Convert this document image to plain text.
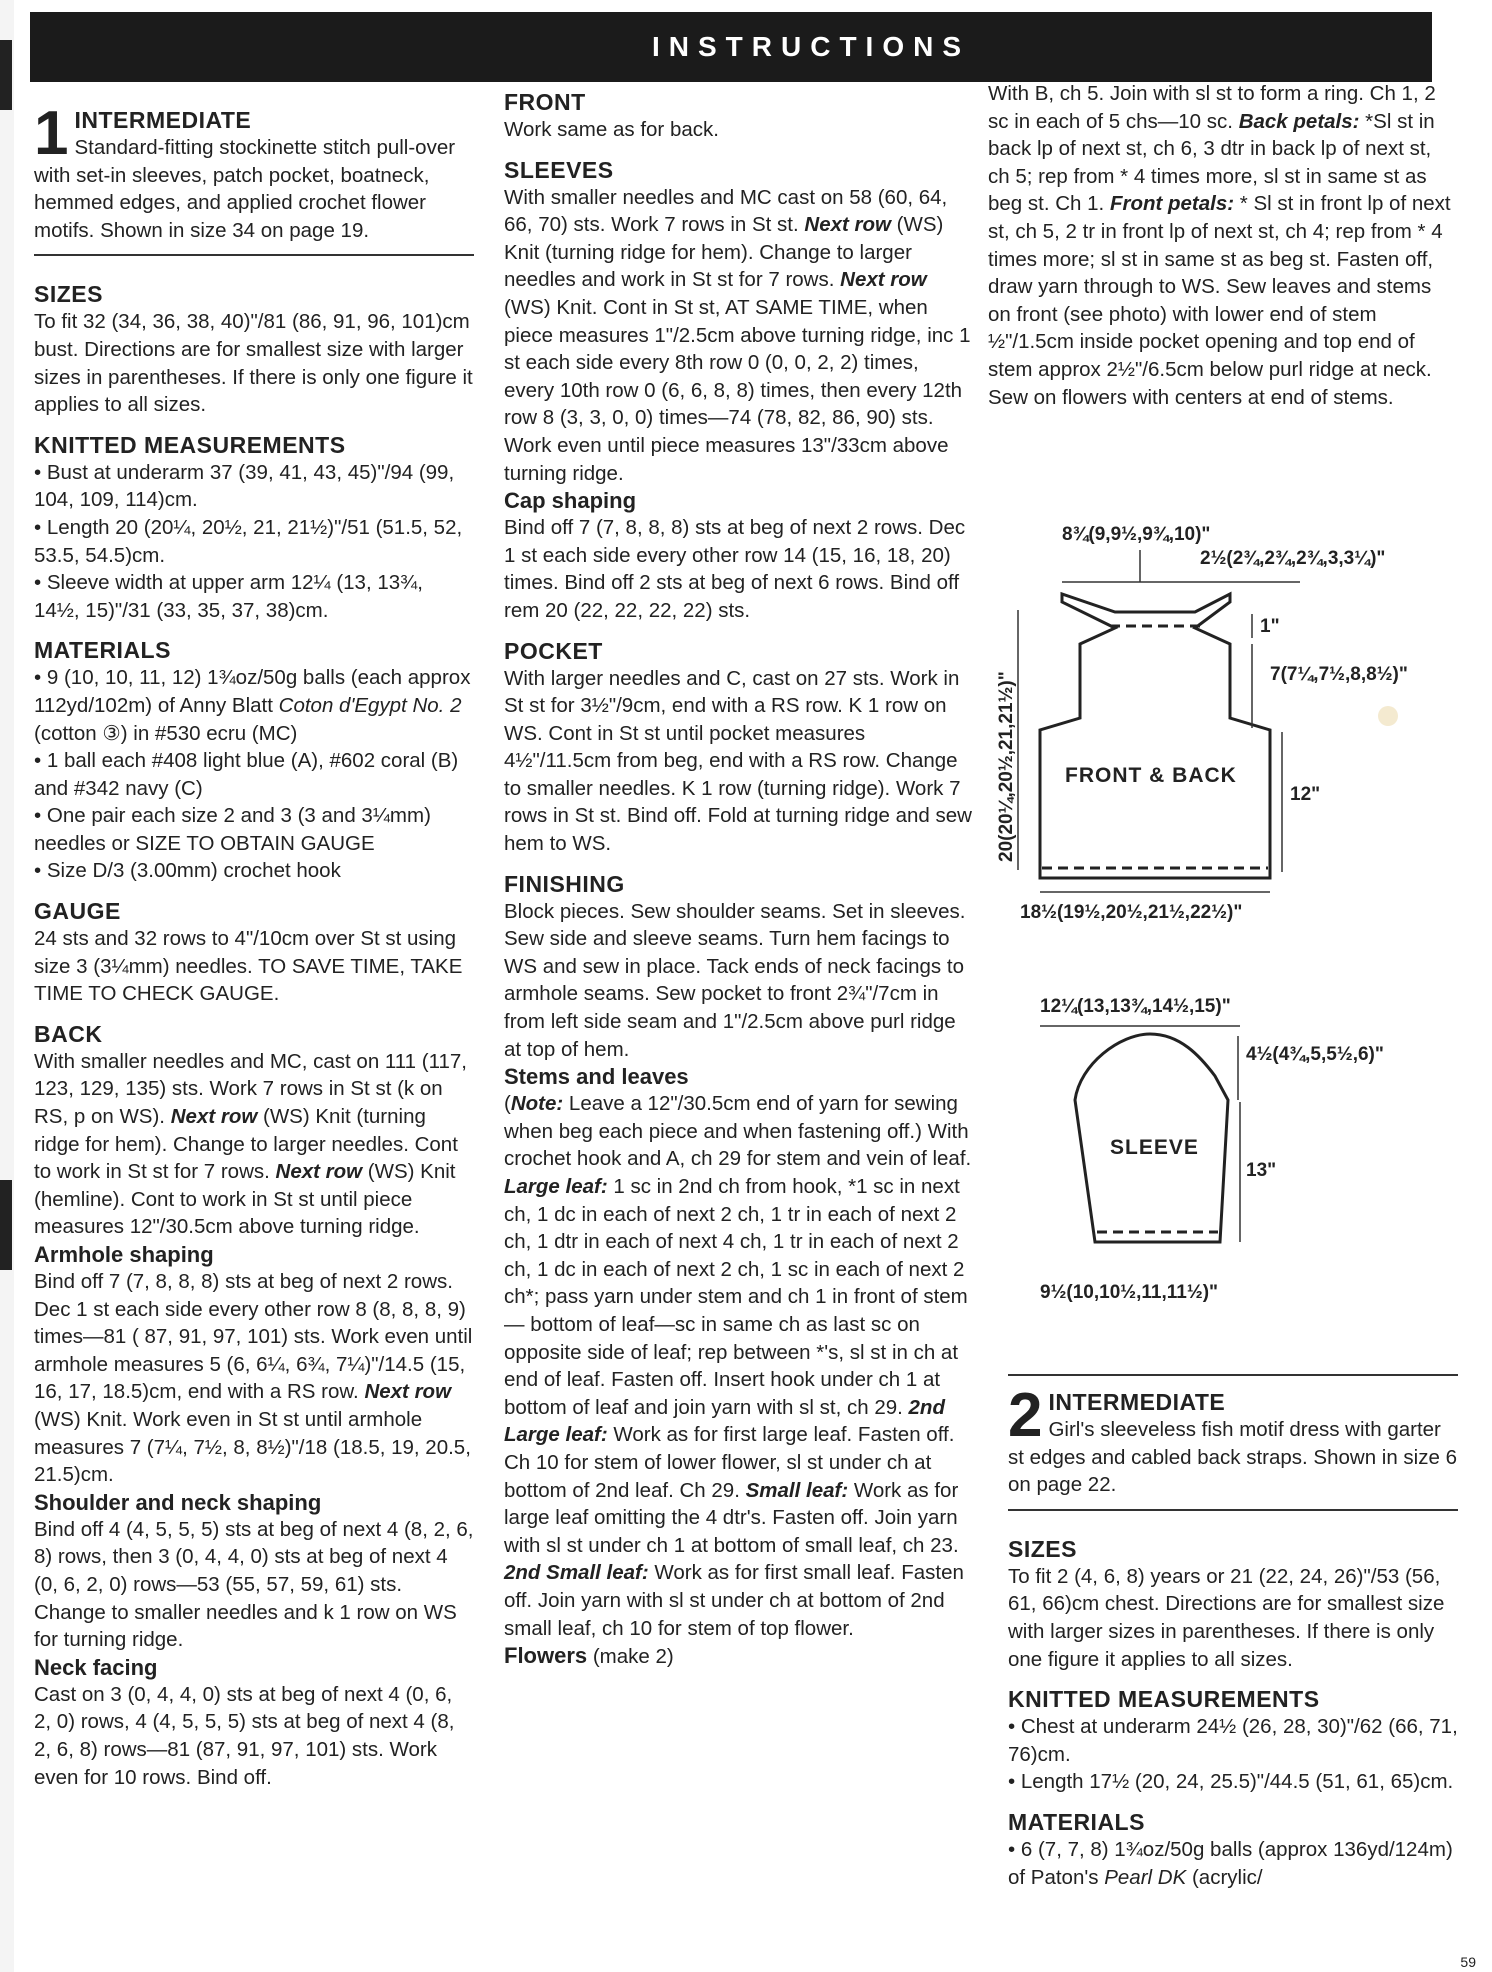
INSTRUCTIONS
1 INTERMEDIATE

Standard-fitting stockinette stitch pull-over with set-in sleeves, patch pocket, boatneck, hemmed edges, and applied crochet flower motifs. Shown in size 34 on page 19.

SIZES

To fit 32 (34, 36, 38, 40)"/81 (86, 91, 96, 101)cm bust. Directions are for smallest size with larger sizes in parentheses. If there is only one figure it applies to all sizes.

KNITTED MEASUREMENTS

• Bust at underarm 37 (39, 41, 43, 45)"/94 (99, 104, 109, 114)cm.

• Length 20 (20¼, 20½, 21, 21½)"/51 (51.5, 52, 53.5, 54.5)cm.

• Sleeve width at upper arm 12¼ (13, 13¾, 14½, 15)"/31 (33, 35, 37, 38)cm.

MATERIALS

• 9 (10, 10, 11, 12) 1¾oz/50g balls (each approx 112yd/102m) of Anny Blatt Coton d'Egypt No. 2 (cotton ③) in #530 ecru (MC)

• 1 ball each #408 light blue (A), #602 coral (B) and #342 navy (C)

• One pair each size 2 and 3 (3 and 3¼mm) needles or SIZE TO OBTAIN GAUGE

• Size D/3 (3.00mm) crochet hook

GAUGE

24 sts and 32 rows to 4"/10cm over St st using size 3 (3¼mm) needles. TO SAVE TIME, TAKE TIME TO CHECK GAUGE.

BACK

With smaller needles and MC, cast on 111 (117, 123, 129, 135) sts. Work 7 rows in St st (k on RS, p on WS). Next row (WS) Knit (turning ridge for hem). Change to larger needles. Cont to work in St st for 7 rows. Next row (WS) Knit (hemline). Cont to work in St st until piece measures 12"/30.5cm above turning ridge.

Armhole shaping

Bind off 7 (7, 8, 8, 8) sts at beg of next 2 rows. Dec 1 st each side every other row 8 (8, 8, 8, 9) times—81 ( 87, 91, 97, 101) sts. Work even until armhole measures 5 (6, 6¼, 6¾, 7¼)"/14.5 (15, 16, 17, 18.5)cm, end with a RS row. Next row (WS) Knit. Work even in St st until armhole measures 7 (7¼, 7½, 8, 8½)"/18 (18.5, 19, 20.5, 21.5)cm.

Shoulder and neck shaping

Bind off 4 (4, 5, 5, 5) sts at beg of next 4 (8, 2, 6, 8) rows, then 3 (0, 4, 4, 0) sts at beg of next 4 (0, 6, 2, 0) rows—53 (55, 57, 59, 61) sts. Change to smaller needles and k 1 row on WS for turning ridge.

Neck facing

Cast on 3 (0, 4, 4, 0) sts at beg of next 4 (0, 6, 2, 0) rows, 4 (4, 5, 5, 5) sts at beg of next 4 (8, 2, 6, 8) rows—81 (87, 91, 97, 101) sts. Work even for 10 rows. Bind off.

FRONT

Work same as for back.

SLEEVES

With smaller needles and MC cast on 58 (60, 64, 66, 70) sts. Work 7 rows in St st. Next row (WS) Knit (turning ridge for hem). Change to larger needles and work in St st for 7 rows. Next row (WS) Knit. Cont in St st, AT SAME TIME, when piece measures 1"/2.5cm above turning ridge, inc 1 st each side every 8th row 0 (0, 0, 2, 2) times, every 10th row 0 (6, 6, 8, 8) times, then every 12th row 8 (3, 3, 0, 0) times—74 (78, 82, 86, 90) sts. Work even until piece measures 13"/33cm above turning ridge.

Cap shaping

Bind off 7 (7, 8, 8, 8) sts at beg of next 2 rows. Dec 1 st each side every other row 14 (15, 16, 18, 20) times. Bind off 2 sts at beg of next 6 rows. Bind off rem 20 (22, 22, 22, 22) sts.

POCKET

With larger needles and C, cast on 27 sts. Work in St st for 3½"/9cm, end with a RS row. K 1 row on WS. Cont in St st until pocket measures 4½"/11.5cm from beg, end with a RS row. Change to smaller needles. K 1 row (turning ridge). Work 7 rows in St st. Bind off. Fold at turning ridge and sew hem to WS.

FINISHING

Block pieces. Sew shoulder seams. Set in sleeves. Sew side and sleeve seams. Turn hem facings to WS and sew in place. Tack ends of neck facings to armhole seams. Sew pocket to front 2¾"/7cm in from left side seam and 1"/2.5cm above purl ridge at top of hem.

Stems and leaves

(Note: Leave a 12"/30.5cm end of yarn for sewing when beg each piece and when fastening off.) With crochet hook and A, ch 29 for stem and vein of leaf. Large leaf: 1 sc in 2nd ch from hook, *1 sc in next ch, 1 dc in each of next 2 ch, 1 tr in each of next 2 ch, 1 dtr in each of next 4 ch, 1 tr in each of next 2 ch, 1 dc in each of next 2 ch, 1 sc in each of next 2 ch*; pass yarn under stem and ch 1 in front of stem— bottom of leaf—sc in same ch as last sc on opposite side of leaf; rep between *'s, sl st in ch at end of leaf. Fasten off. Insert hook under ch 1 at bottom of leaf and join yarn with sl st, ch 29. 2nd Large leaf: Work as for first large leaf. Fasten off. Ch 10 for stem of lower flower, sl st under ch at bottom of 2nd leaf. Ch 29. Small leaf: Work as for large leaf omitting the 4 dtr's. Fasten off. Join yarn with sl st under ch 1 at bottom of small leaf, ch 23. 2nd Small leaf: Work as for first small leaf. Fasten off. Join yarn with sl st under ch at bottom of 2nd small leaf, ch 10 for stem of top flower.

Flowers (make 2)

With B, ch 5. Join with sl st to form a ring. Ch 1, 2 sc in each of 5 chs—10 sc. Back petals: *Sl st in back lp of next st, ch 6, 3 dtr in back lp of next st, ch 5; rep from * 4 times more, sl st in same st as beg st. Ch 1. Front petals: * Sl st in front lp of next st, ch 5, 2 tr in front lp of next st, ch 4; rep from * 4 times more; sl st in same st as beg st. Fasten off, draw yarn through to WS. Sew leaves and stems on front (see photo) with lower end of stem ½"/1.5cm inside pocket opening and top end of stem approx 2½"/6.5cm below purl ridge at neck. Sew on flowers with centers at end of stems.

8¾(9,9½,9¾,10)"
2½(2¾,2¾,2¾,3,3¼)"
FRONT & BACK
1"
7(7¼,7½,8,8½)"
12"
20(20¼,20½,21,21½)"
18½(19½,20½,21½,22½)"
12¼(13,13¾,14½,15)"
SLEEVE
4½(4¾,5,5½,6)"
13"
9½(10,10½,11,11½)"
2 INTERMEDIATE

Girl's sleeveless fish motif dress with garter st edges and cabled back straps. Shown in size 6 on page 22.

SIZES

To fit 2 (4, 6, 8) years or 21 (22, 24, 26)"/53 (56, 61, 66)cm chest. Directions are for smallest size with larger sizes in parentheses. If there is only one figure it applies to all sizes.

KNITTED MEASUREMENTS

• Chest at underarm 24½ (26, 28, 30)"/62 (66, 71, 76)cm.

• Length 17½ (20, 24, 25.5)"/44.5 (51, 61, 65)cm.

MATERIALS

• 6 (7, 7, 8) 1¾oz/50g balls (approx 136yd/124m) of Paton's Pearl DK (acrylic/

59
